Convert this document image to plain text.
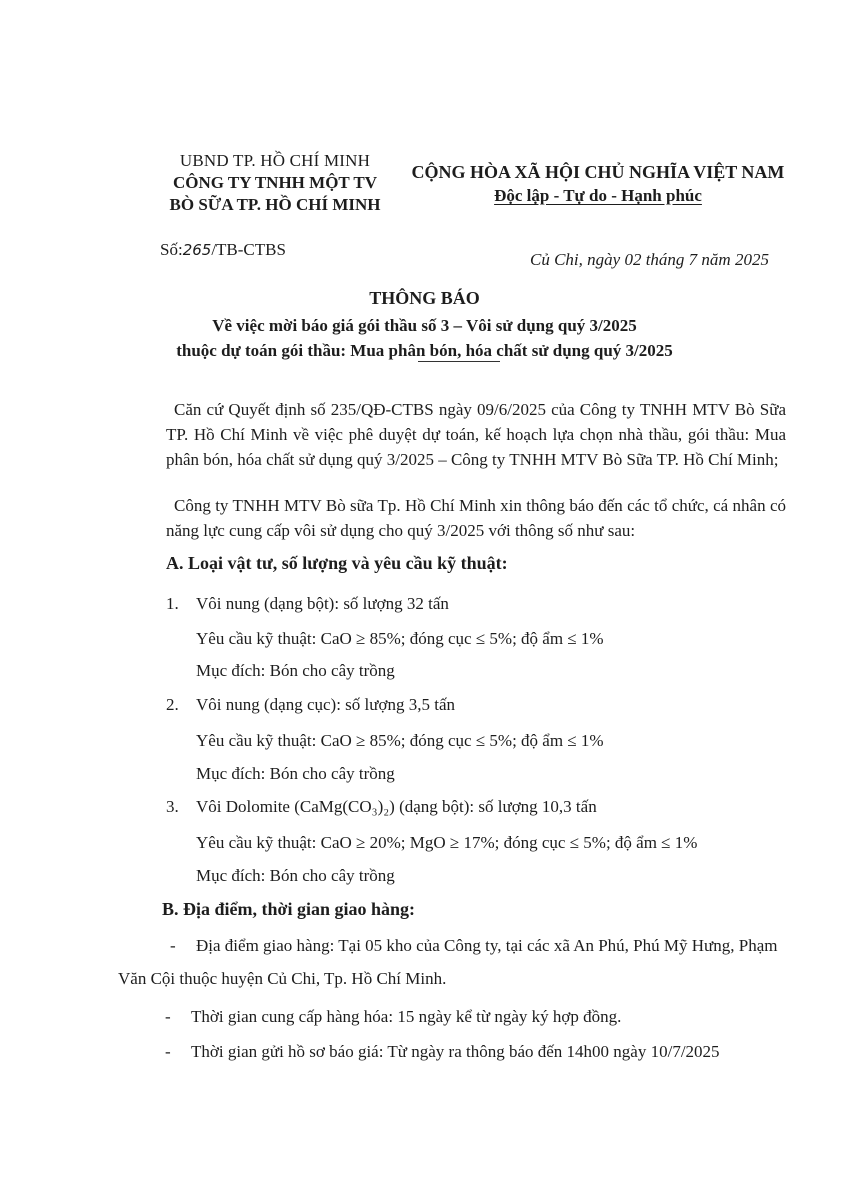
UBND TP. HỒ CHÍ MINH
CÔNG TY TNHH MỘT TV
BÒ SỮA TP. HỒ CHÍ MINH
CỘNG HÒA XÃ HỘI CHỦ NGHĨA VIỆT NAM
Độc lập - Tự do - Hạnh phúc
Số:265/TB-CTBS
Củ Chi, ngày 02 tháng 7 năm 2025
THÔNG BÁO
Về việc mời báo giá gói thầu số 3 – Vôi sử dụng quý 3/2025
thuộc dự toán gói thầu: Mua phân bón, hóa chất sử dụng quý 3/2025
Căn cứ Quyết định số 235/QĐ-CTBS ngày 09/6/2025 của Công ty TNHH MTV Bò Sữa TP. Hồ Chí Minh về việc phê duyệt dự toán, kế hoạch lựa chọn nhà thầu, gói thầu: Mua phân bón, hóa chất sử dụng quý 3/2025 – Công ty TNHH MTV Bò Sữa TP. Hồ Chí Minh;
Công ty TNHH MTV Bò sữa Tp. Hồ Chí Minh xin thông báo đến các tổ chức, cá nhân có năng lực cung cấp vôi sử dụng cho quý 3/2025 với thông số như sau:
A. Loại vật tư, số lượng và yêu cầu kỹ thuật:
1. Vôi nung (dạng bột): số lượng 32 tấn
Yêu cầu kỹ thuật: CaO ≥ 85%; đóng cục ≤ 5%; độ ẩm ≤ 1%
Mục đích: Bón cho cây trồng
2. Vôi nung (dạng cục): số lượng 3,5 tấn
Yêu cầu kỹ thuật: CaO ≥ 85%; đóng cục ≤ 5%; độ ẩm ≤ 1%
Mục đích: Bón cho cây trồng
3. Vôi Dolomite (CaMg(CO₃)₂) (dạng bột): số lượng 10,3 tấn
Yêu cầu kỹ thuật: CaO ≥ 20%; MgO ≥ 17%; đóng cục ≤ 5%; độ ẩm ≤ 1%
Mục đích: Bón cho cây trồng
B. Địa điểm, thời gian giao hàng:
- Địa điểm giao hàng: Tại 05 kho của Công ty, tại các xã An Phú, Phú Mỹ Hưng, Phạm
Văn Cội thuộc huyện Củ Chi, Tp. Hồ Chí Minh.
- Thời gian cung cấp hàng hóa: 15 ngày kể từ ngày ký hợp đồng.
- Thời gian gửi hồ sơ báo giá: Từ ngày ra thông báo đến 14h00 ngày 10/7/2025
